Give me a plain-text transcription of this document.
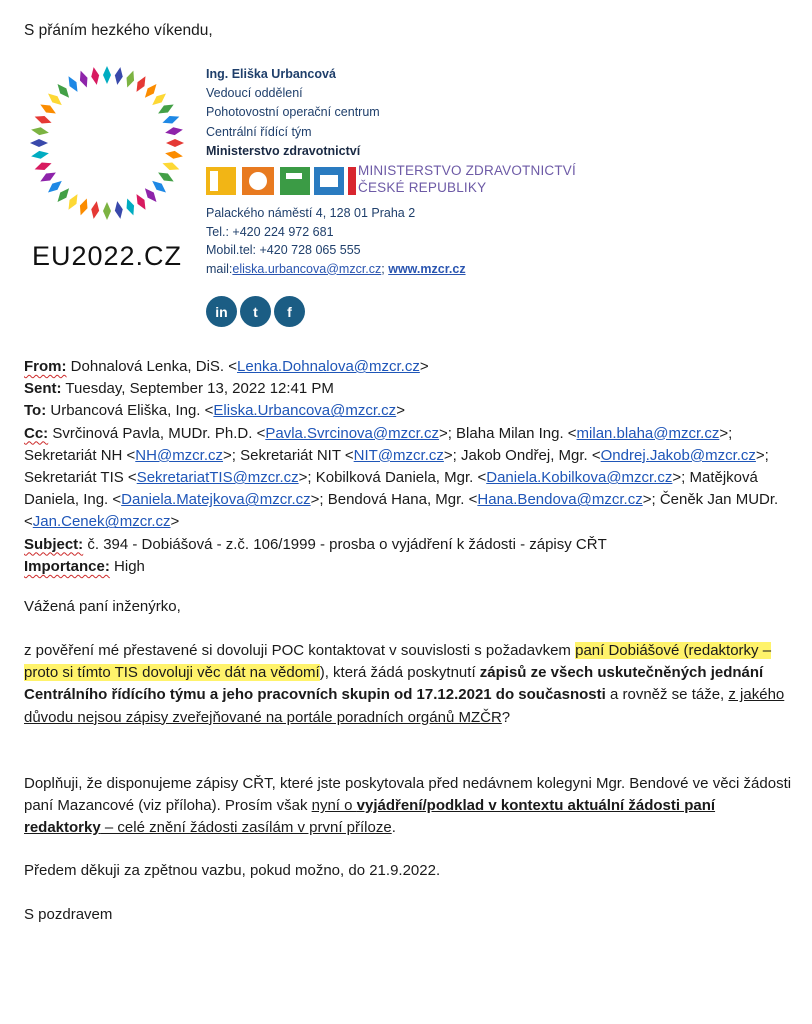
S přáním hezkého víkendu,
EU2022.CZ
Ing. Eliška Urbancová
Vedoucí oddělení
Pohotovostní operační centrum
Centrální řídící tým
Ministerstvo zdravotnictví
MINISTERSTVO ZDRAVOTNICTVÍ
ČESKÉ REPUBLIKY
Palackého náměstí 4, 128 01 Praha 2
Tel.: +420 224 972 681
Mobil.tel: +420 728 065 555
mail:eliska.urbancova@mzcr.cz; www.mzcr.cz
in	t	f
From: Dohnalová Lenka, DiS. <Lenka.Dohnalova@mzcr.cz>
Sent: Tuesday, September 13, 2022 12:41 PM
To: Urbancová Eliška, Ing. <Eliska.Urbancova@mzcr.cz>
Cc: Svrčinová Pavla, MUDr. Ph.D. <Pavla.Svrcinova@mzcr.cz>; Blaha Milan Ing. <milan.blaha@mzcr.cz>; Sekretariát NH <NH@mzcr.cz>; Sekretariát NIT <NIT@mzcr.cz>; Jakob Ondřej, Mgr. <Ondrej.Jakob@mzcr.cz>; Sekretariát TIS <SekretariatTIS@mzcr.cz>; Kobilková Daniela, Mgr. <Daniela.Kobilkova@mzcr.cz>; Matějková Daniela, Ing. <Daniela.Matejkova@mzcr.cz>; Bendová Hana, Mgr. <Hana.Bendova@mzcr.cz>; Čeněk Jan MUDr. <Jan.Cenek@mzcr.cz>
Subject: č. 394 - Dobiášová - z.č. 106/1999 - prosba o vyjádření k žádosti - zápisy CŘT
Importance: High
Vážená paní inženýrko,
z pověření mé přestavené si dovoluji POC kontaktovat v souvislosti s požadavkem paní Dobiášové (redaktorky – proto si tímto TIS dovoluji věc dát na vědomí), která žádá poskytnutí zápisů ze všech uskutečněných jednání Centrálního řídícího týmu a jeho pracovních skupin od 17.12.2021 do současnosti a rovněž se táže, z jakého důvodu nejsou zápisy zveřejňované na portále poradních orgánů MZČR?
Doplňuji, že disponujeme zápisy CŘT, které jste poskytovala před nedávnem kolegyni Mgr. Bendové ve věci žádosti paní Mazancové (viz příloha). Prosím však nyní o vyjádření/podklad v kontextu aktuální žádosti paní redaktorky – celé znění žádosti zasílám v první příloze.
Předem děkuji za zpětnou vazbu, pokud možno, do 21.9.2022.
S pozdravem
